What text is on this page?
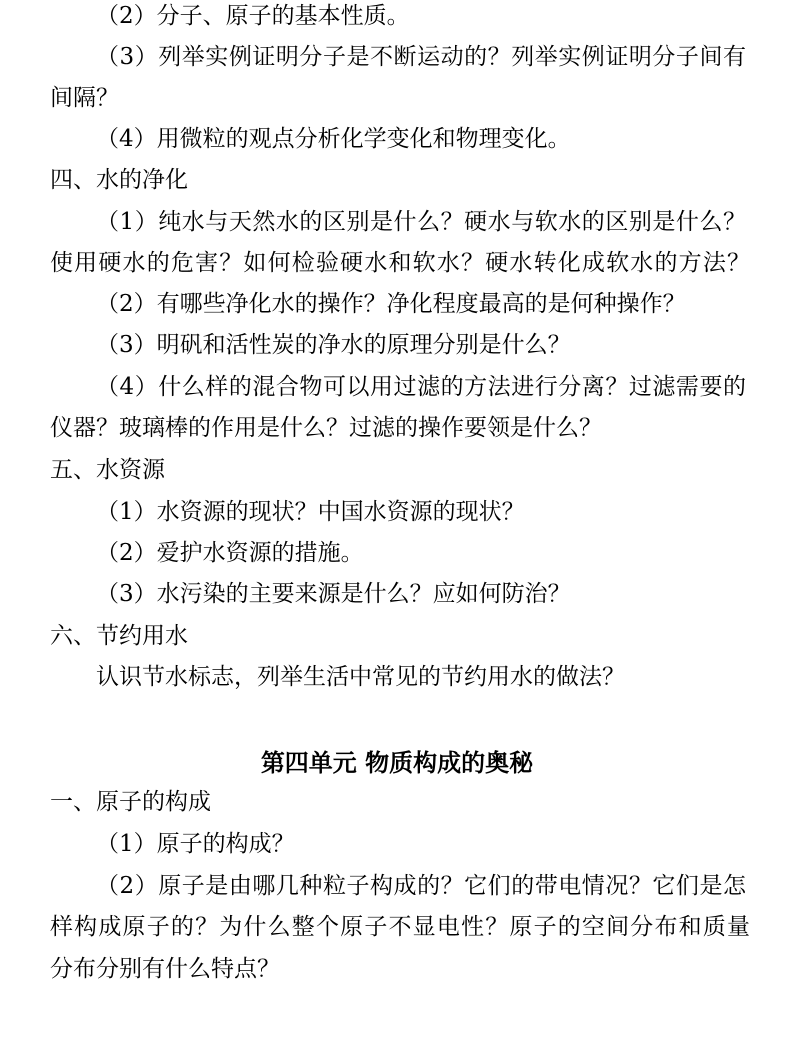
（2）分子、原子的基本性质。
（3）列举实例证明分子是不断运动的？列举实例证明分子间有
间隔？
（4）用微粒的观点分析化学变化和物理变化。
四、水的净化
（1）纯水与天然水的区别是什么？硬水与软水的区别是什么？
使用硬水的危害？如何检验硬水和软水？硬水转化成软水的方法？
（2）有哪些净化水的操作？净化程度最高的是何种操作？
（3）明矾和活性炭的净水的原理分别是什么？
（4）什么样的混合物可以用过滤的方法进行分离？过滤需要的
仪器？玻璃棒的作用是什么？过滤的操作要领是什么？
五、水资源
（1）水资源的现状？中国水资源的现状？
（2）爱护水资源的措施。
（3）水污染的主要来源是什么？应如何防治？
六、节约用水
认识节水标志，列举生活中常见的节约用水的做法？
第四单元 物质构成的奥秘
一、原子的构成
（1）原子的构成？
（2）原子是由哪几种粒子构成的？它们的带电情况？它们是怎
样构成原子的？为什么整个原子不显电性？原子的空间分布和质量
分布分别有什么特点？
